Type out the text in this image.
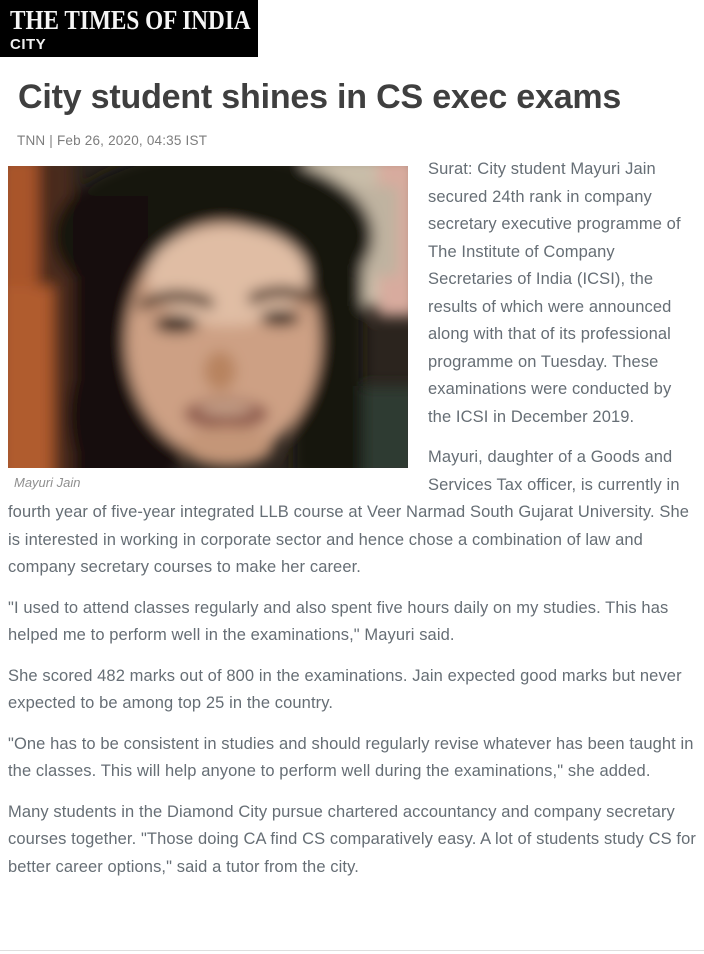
THE TIMES OF INDIA
CITY
City student shines in CS exec exams
TNN | Feb 26, 2020, 04:35 IST
Mayuri Jain

Surat: City student Mayuri Jain secured 24th rank in company secretary executive programme of The Institute of Company Secretaries of India (ICSI), the results of which were announced along with that of its professional programme on Tuesday. These examinations were conducted by the ICSI in December 2019.

Mayuri, daughter of a Goods and Services Tax officer, is currently in fourth year of five-year integrated LLB course at Veer Narmad South Gujarat University. She is interested in working in corporate sector and hence chose a combination of law and company secretary courses to make her career.

"I used to attend classes regularly and also spent five hours daily on my studies. This has helped me to perform well in the examinations," Mayuri said.

She scored 482 marks out of 800 in the examinations. Jain expected good marks but never expected to be among top 25 in the country.

"One has to be consistent in studies and should regularly revise whatever has been taught in the classes. This will help anyone to perform well during the examinations," she added.

Many students in the Diamond City pursue chartered accountancy and company secretary courses together. "Those doing CA find CS comparatively easy. A lot of students study CS for better career options," said a tutor from the city.
